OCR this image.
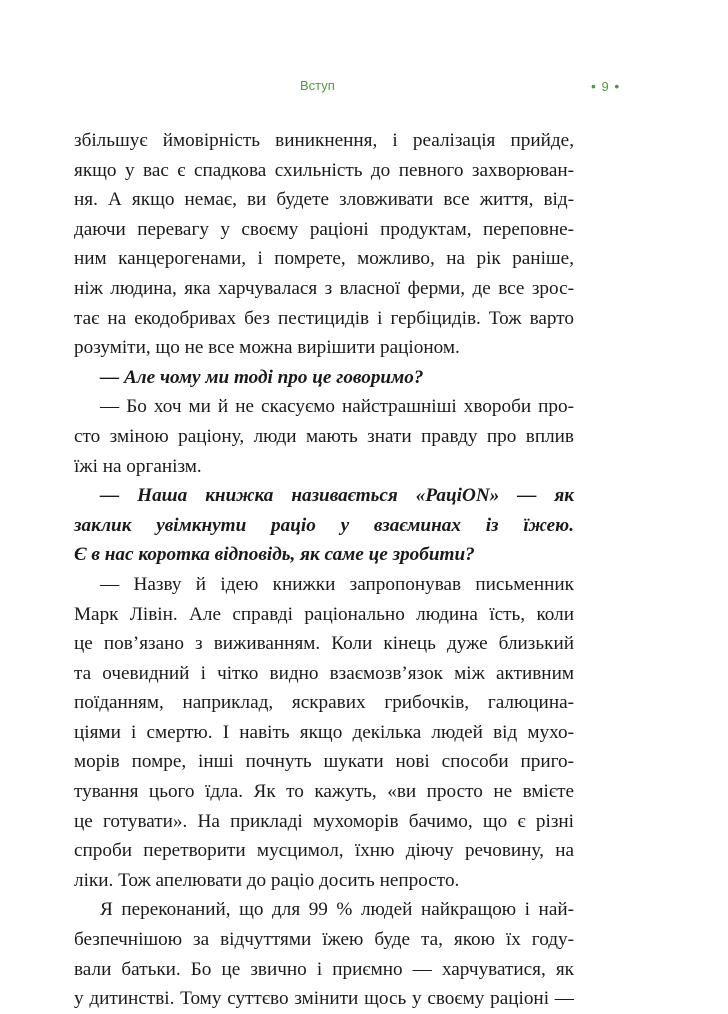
Вступ	• 9 •
збільшує ймовірність виникнення, і реалізація прийде,
якщо у вас є спадкова схильність до певного захворюван-
ня. А якщо немає, ви будете зловживати все життя, від-
даючи перевагу у своєму раціоні продуктам, переповне-
ним канцерогенами, і помрете, можливо, на рік раніше,
ніж людина, яка харчувалася з власної ферми, де все зрос-
тає на екодобривах без пестицидів і гербіцидів. Тож варто
розуміти, що не все можна вирішити раціоном.
— Але чому ми тоді про це говоримо?
— Бо хоч ми й не скасуємо найстрашніші хвороби про-
сто зміною раціону, люди мають знати правду про вплив
їжі на організм.
— Наша книжка називається «РаціON» — як
заклик увімкнути раціо у взаєминах із їжею.
Є в нас коротка відповідь, як саме це зробити?
— Назву й ідею книжки запропонував письменник
Марк Лівін. Але справді раціонально людина їсть, коли
це пов’язано з виживанням. Коли кінець дуже близький
та очевидний і чітко видно взаємозв’язок між активним
поїданням, наприклад, яскравих грибочків, галюцина-
ціями і смертю. І навіть якщо декілька людей від мухо-
морів помре, інші почнуть шукати нові способи приго-
тування цього їдла. Як то кажуть, «ви просто не вмієте
це готувати». На прикладі мухоморів бачимо, що є різні
спроби перетворити мусцимол, їхню діючу речовину, на
ліки. Тож апелювати до раціо досить непросто.
Я переконаний, що для 99 % людей найкращою і най-
безпечнішою за відчуттями їжею буде та, якою їх году-
вали батьки. Бо це звично і приємно — харчуватися, як
у дитинстві. Тому суттєво змінити щось у своєму раціоні —
